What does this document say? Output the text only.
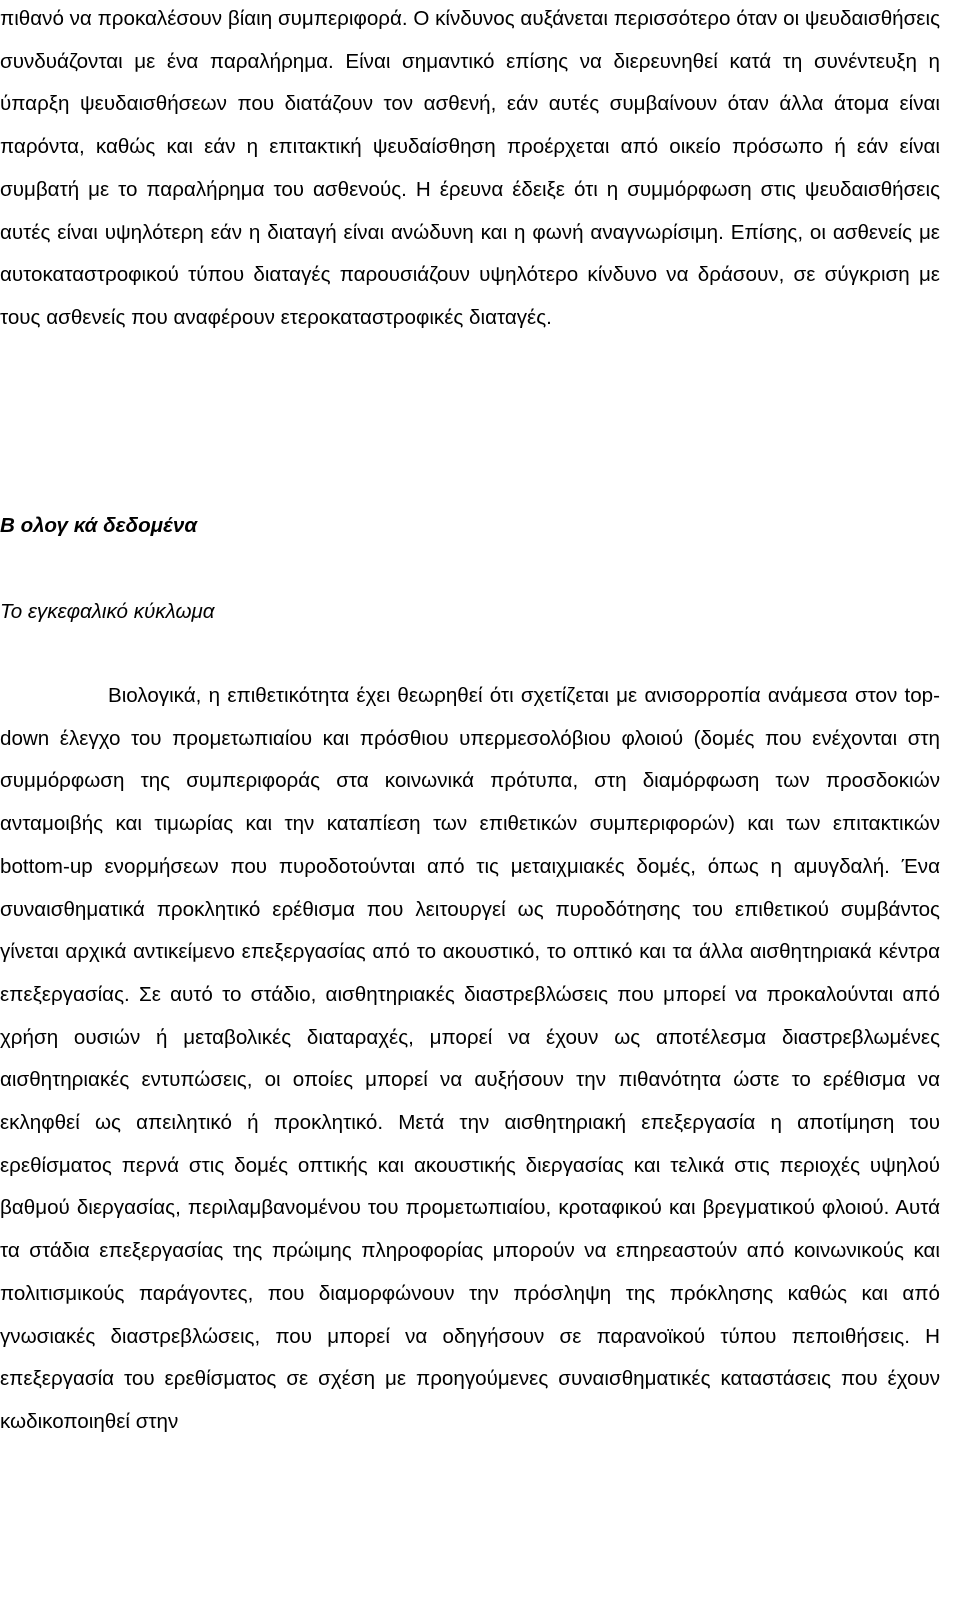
πιθανό να προκαλέσουν βίαιη συμπεριφορά. Ο κίνδυνος αυξάνεται περισσότερο όταν οι ψευδαισθήσεις συνδυάζονται με ένα παραλήρημα. Είναι σημαντικό επίσης να διερευνηθεί κατά τη συνέντευξη η ύπαρξη ψευδαισθήσεων που διατάζουν τον ασθενή, εάν αυτές συμβαίνουν όταν άλλα άτομα είναι παρόντα, καθώς και εάν η επιτακτική ψευδαίσθηση προέρχεται από οικείο πρόσωπο ή εάν είναι συμβατή με το παραλήρημα του ασθενούς. Η έρευνα έδειξε ότι η συμμόρφωση στις ψευδαισθήσεις αυτές είναι υψηλότερη εάν η διαταγή είναι ανώδυνη και η φωνή αναγνωρίσιμη. Επίσης, οι ασθενείς με αυτοκαταστροφικού τύπου διαταγές παρουσιάζουν υψηλότερο κίνδυνο να δράσουν, σε σύγκριση με τους ασθενείς που αναφέρουν ετεροκαταστροφικές διαταγές.

Β ολογ κά δεδομένα
Το εγκεφαλικό κύκλωμα

Βιολογικά, η επιθετικότητα έχει θεωρηθεί ότι σχετίζεται με ανισορροπία ανάμεσα στον top-down έλεγχο του προμετωπιαίου και πρόσθιου υπερμεσολόβιου φλοιού (δομές που ενέχονται στη συμμόρφωση της συμπεριφοράς στα κοινωνικά πρότυπα, στη διαμόρφωση των προσδοκιών ανταμοιβής και τιμωρίας και την καταπίεση των επιθετικών συμπεριφορών) και των επιτακτικών bottom-up ενορμήσεων που πυροδοτούνται από τις μεταιχμιακές δομές, όπως η αμυγδαλή. Ένα συναισθηματικά προκλητικό ερέθισμα που λειτουργεί ως πυροδότησης του επιθετικού συμβάντος γίνεται αρχικά αντικείμενο επεξεργασίας από το ακουστικό, το οπτικό και τα άλλα αισθητηριακά κέντρα επεξεργασίας. Σε αυτό το στάδιο, αισθητηριακές διαστρεβλώσεις που μπορεί να προκαλούνται από χρήση ουσιών ή μεταβολικές διαταραχές, μπορεί να έχουν ως αποτέλεσμα διαστρεβλωμένες αισθητηριακές εντυπώσεις, οι οποίες μπορεί να αυξήσουν την πιθανότητα ώστε το ερέθισμα να εκληφθεί ως απειλητικό ή προκλητικό. Μετά την αισθητηριακή επεξεργασία η αποτίμηση του ερεθίσματος περνά στις δομές οπτικής και ακουστικής διεργασίας και τελικά στις περιοχές υψηλού βαθμού διεργασίας, περιλαμβανομένου του προμετωπιαίου, κροταφικού και βρεγματικού φλοιού. Αυτά τα στάδια επεξεργασίας της πρώιμης πληροφορίας μπορούν να επηρεαστούν από κοινωνικούς και πολιτισμικούς παράγοντες, που διαμορφώνουν την πρόσληψη της πρόκλησης καθώς και από γνωσιακές διαστρεβλώσεις, που μπορεί να οδηγήσουν σε παρανοϊκού τύπου πεποιθήσεις. Η επεξεργασία του ερεθίσματος σε σχέση με προηγούμενες συναισθηματικές καταστάσεις που έχουν κωδικοποιηθεί στην
